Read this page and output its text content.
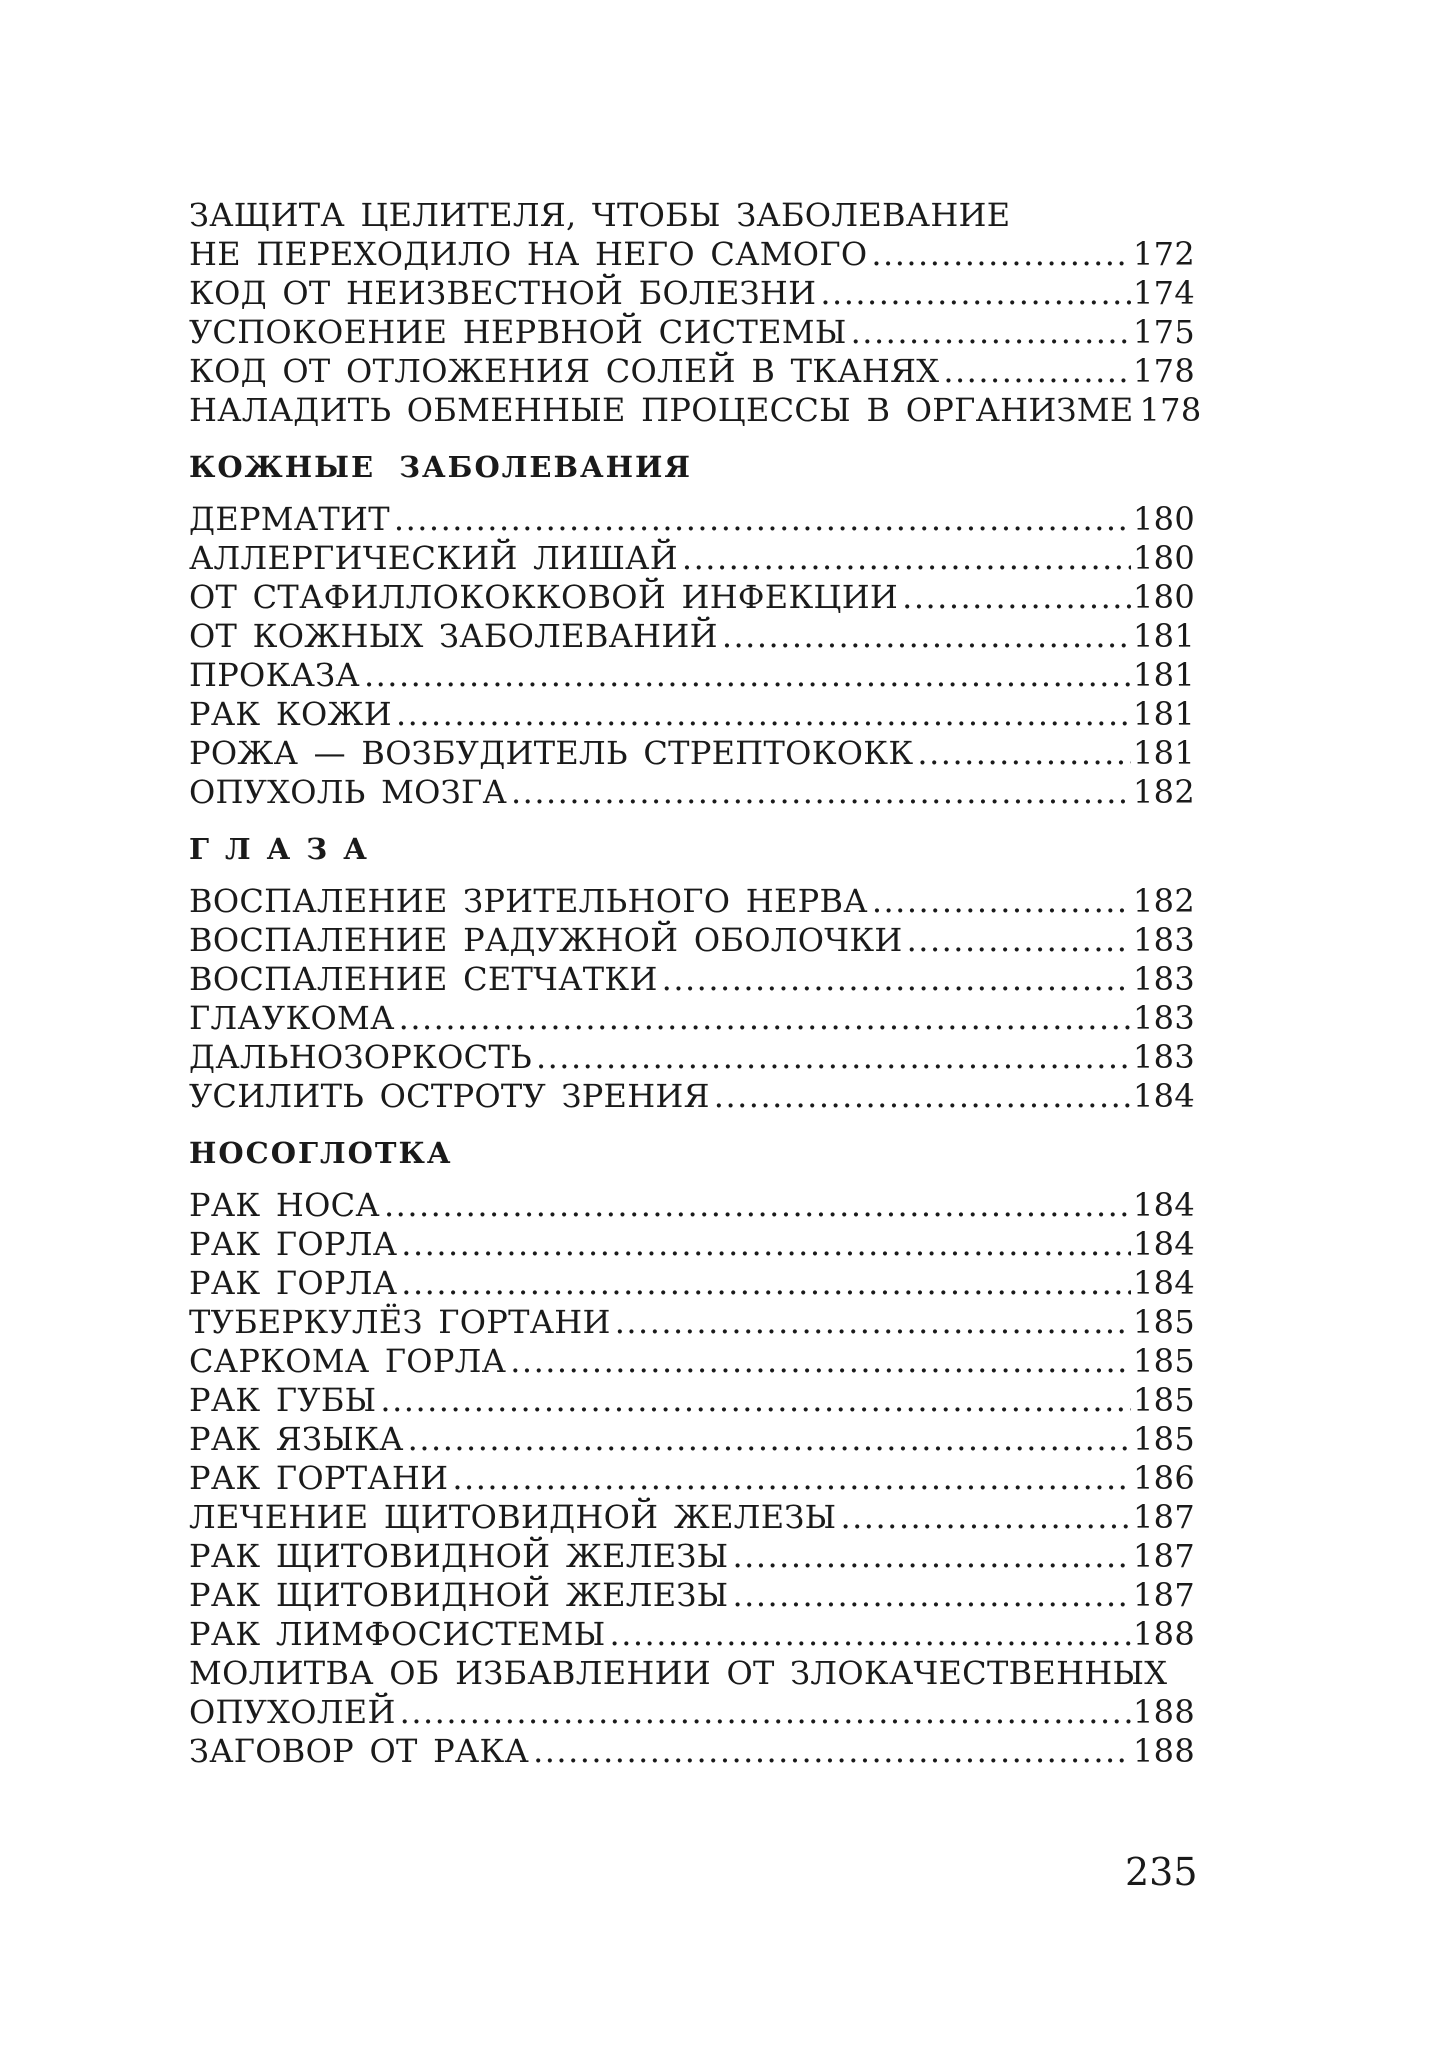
ЗАЩИТА ЦЕЛИТЕЛЯ, ЧТОБЫ ЗАБОЛЕВАНИЕ
НЕ ПЕРЕХОДИЛО НА НЕГО САМОГО .....	172
КОД ОТ НЕИЗВЕСТНОЙ БОЛЕЗНИ .....	174
УСПОКОЕНИЕ НЕРВНОЙ СИСТЕМЫ .....	175
КОД ОТ ОТЛОЖЕНИЯ СОЛЕЙ В ТКАНЯХ .....	178
НАЛАДИТЬ ОБМЕННЫЕ ПРОЦЕССЫ В ОРГАНИЗМЕ 178
КОЖНЫЕ ЗАБОЛЕВАНИЯ
ДЕРМАТИТ .....	180
АЛЛЕРГИЧЕСКИЙ ЛИШАЙ .....	180
ОТ СТАФИЛЛОКОККОВОЙ ИНФЕКЦИИ .....	180
ОТ КОЖНЫХ ЗАБОЛЕВАНИЙ .....	181
ПРОКАЗА .....	181
РАК КОЖИ .....	181
РОЖА — ВОЗБУДИТЕЛЬ СТРЕПТОКОКК .....	181
ОПУХОЛЬ МОЗГА .....	182
ГЛАЗА
ВОСПАЛЕНИЕ ЗРИТЕЛЬНОГО НЕРВА .....	182
ВОСПАЛЕНИЕ РАДУЖНОЙ ОБОЛОЧКИ .....	183
ВОСПАЛЕНИЕ СЕТЧАТКИ .....	183
ГЛАУКОМА .....	183
ДАЛЬНОЗОРКОСТЬ .....	183
УСИЛИТЬ ОСТРОТУ ЗРЕНИЯ .....	184
НОСОГЛОТКА
РАК НОСА .....	184
РАК ГОРЛА .....	184
РАК ГОРЛА .....	184
ТУБЕРКУЛЁЗ ГОРТАНИ .....	185
САРКОМА ГОРЛА .....	185
РАК ГУБЫ .....	185
РАК ЯЗЫКА .....	185
РАК ГОРТАНИ .....	186
ЛЕЧЕНИЕ ЩИТОВИДНОЙ ЖЕЛЕЗЫ .....	187
РАК ЩИТОВИДНОЙ ЖЕЛЕЗЫ .....	187
РАК ЩИТОВИДНОЙ ЖЕЛЕЗЫ .....	187
РАК ЛИМФОСИСТЕМЫ .....	188
МОЛИТВА ОБ ИЗБАВЛЕНИИ ОТ ЗЛОКАЧЕСТВЕННЫХ
ОПУХОЛЕЙ .....	188
ЗАГОВОР ОТ РАКА .....	188
235
